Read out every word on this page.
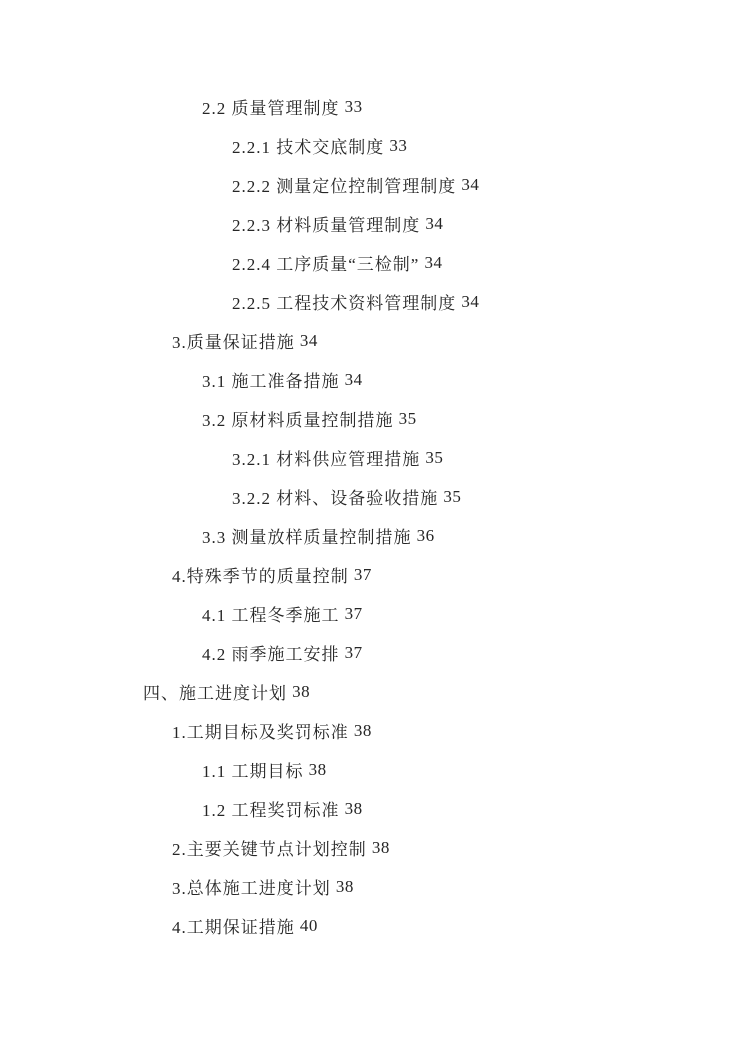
2.2 质量管理制度 33
2.2.1 技术交底制度 33
2.2.2 测量定位控制管理制度 34
2.2.3 材料质量管理制度 34
2.2.4 工序质量“三检制” 34
2.2.5 工程技术资料管理制度 34
3.质量保证措施 34
3.1 施工准备措施 34
3.2 原材料质量控制措施 35
3.2.1 材料供应管理措施 35
3.2.2 材料、设备验收措施 35
3.3 测量放样质量控制措施 36
4.特殊季节的质量控制 37
4.1 工程冬季施工 37
4.2 雨季施工安排 37
四、施工进度计划 38
1.工期目标及奖罚标准 38
1.1 工期目标 38
1.2 工程奖罚标准 38
2.主要关键节点计划控制 38
3.总体施工进度计划 38
4.工期保证措施 40
